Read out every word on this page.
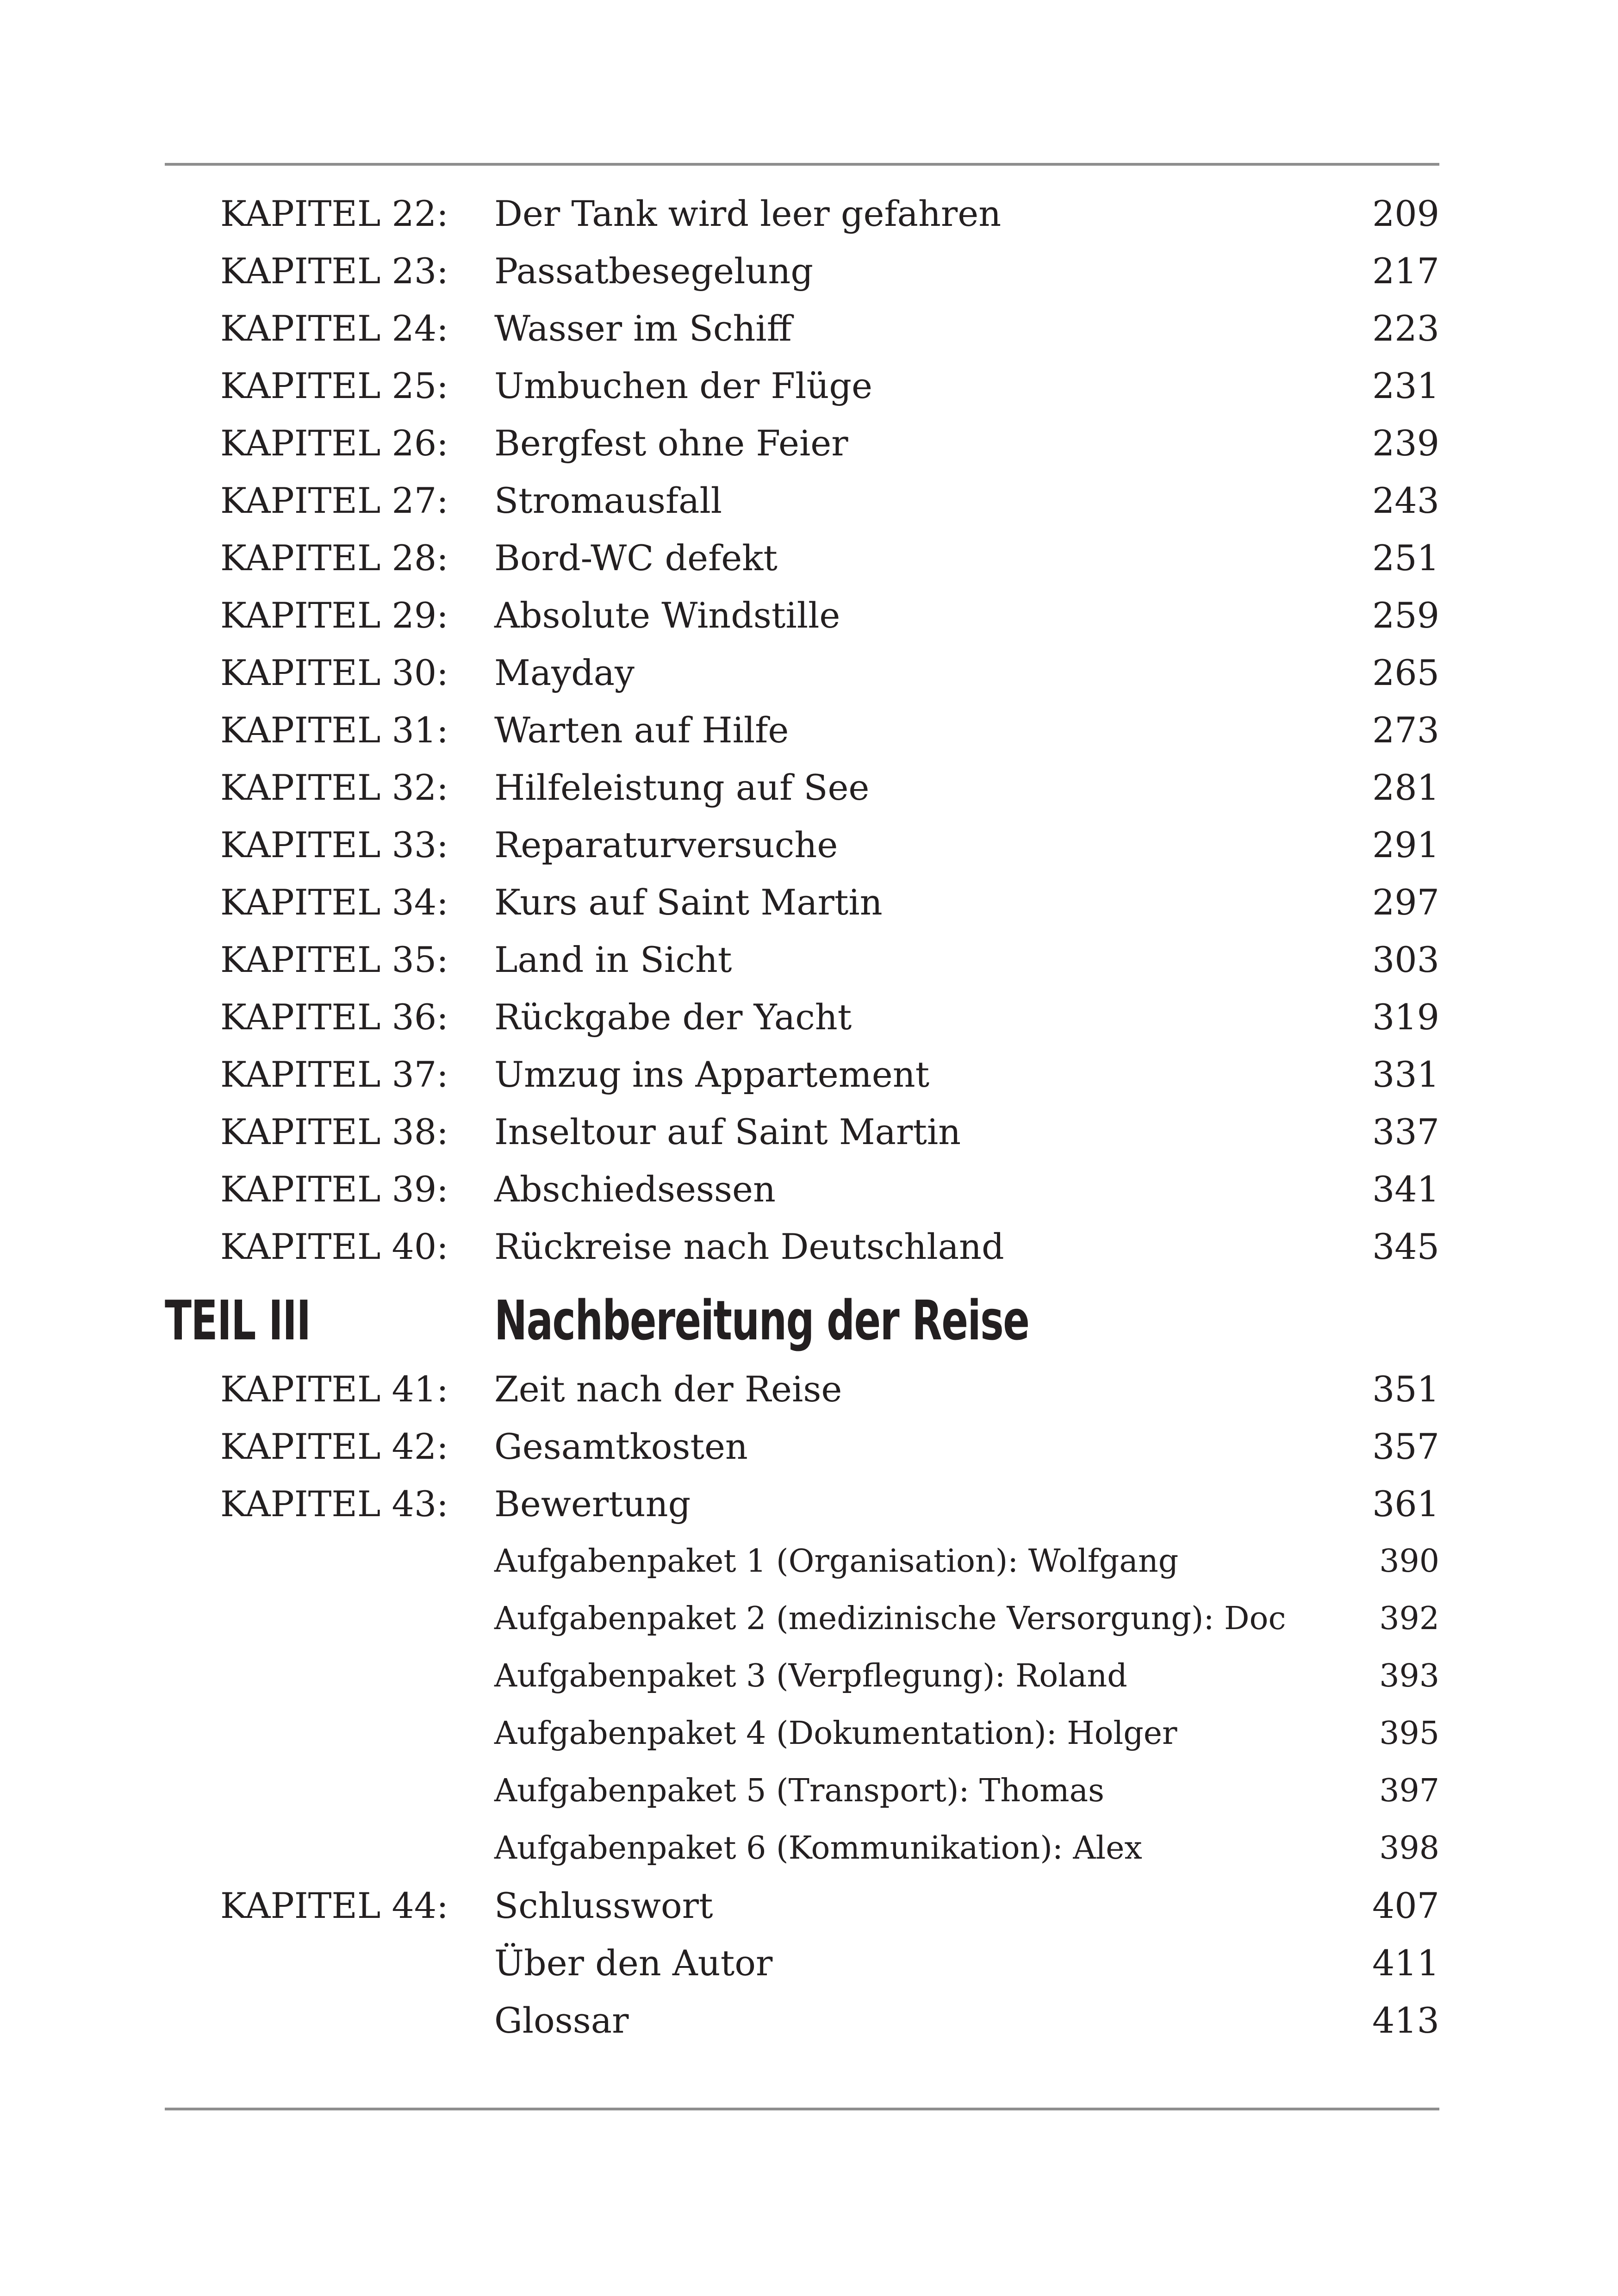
KAPITEL 22: Der Tank wird leer gefahren	209
KAPITEL 23: Passatbesegelung	217
KAPITEL 24: Wasser im Schiff	223
KAPITEL 25: Umbuchen der Flüge	231
KAPITEL 26: Bergfest ohne Feier	239
KAPITEL 27: Stromausfall	243
KAPITEL 28: Bord-WC defekt	251
KAPITEL 29: Absolute Windstille	259
KAPITEL 30: Mayday	265
KAPITEL 31: Warten auf Hilfe	273
KAPITEL 32: Hilfeleistung auf See	281
KAPITEL 33: Reparaturversuche	291
KAPITEL 34: Kurs auf Saint Martin	297
KAPITEL 35: Land in Sicht	303
KAPITEL 36: Rückgabe der Yacht	319
KAPITEL 37: Umzug ins Appartement	331
KAPITEL 38: Inseltour auf Saint Martin	337
KAPITEL 39: Abschiedsessen	341
KAPITEL 40: Rückreise nach Deutschland	345
TEIL III	Nachbereitung der Reise
KAPITEL 41: Zeit nach der Reise	351
KAPITEL 42: Gesamtkosten	357
KAPITEL 43: Bewertung	361
Aufgabenpaket 1 (Organisation): Wolfgang	390
Aufgabenpaket 2 (medizinische Versorgung): Doc	392
Aufgabenpaket 3 (Verpflegung): Roland	393
Aufgabenpaket 4 (Dokumentation): Holger	395
Aufgabenpaket 5 (Transport): Thomas	397
Aufgabenpaket 6 (Kommunikation): Alex	398
KAPITEL 44: Schlusswort	407
Über den Autor	411
Glossar	413
